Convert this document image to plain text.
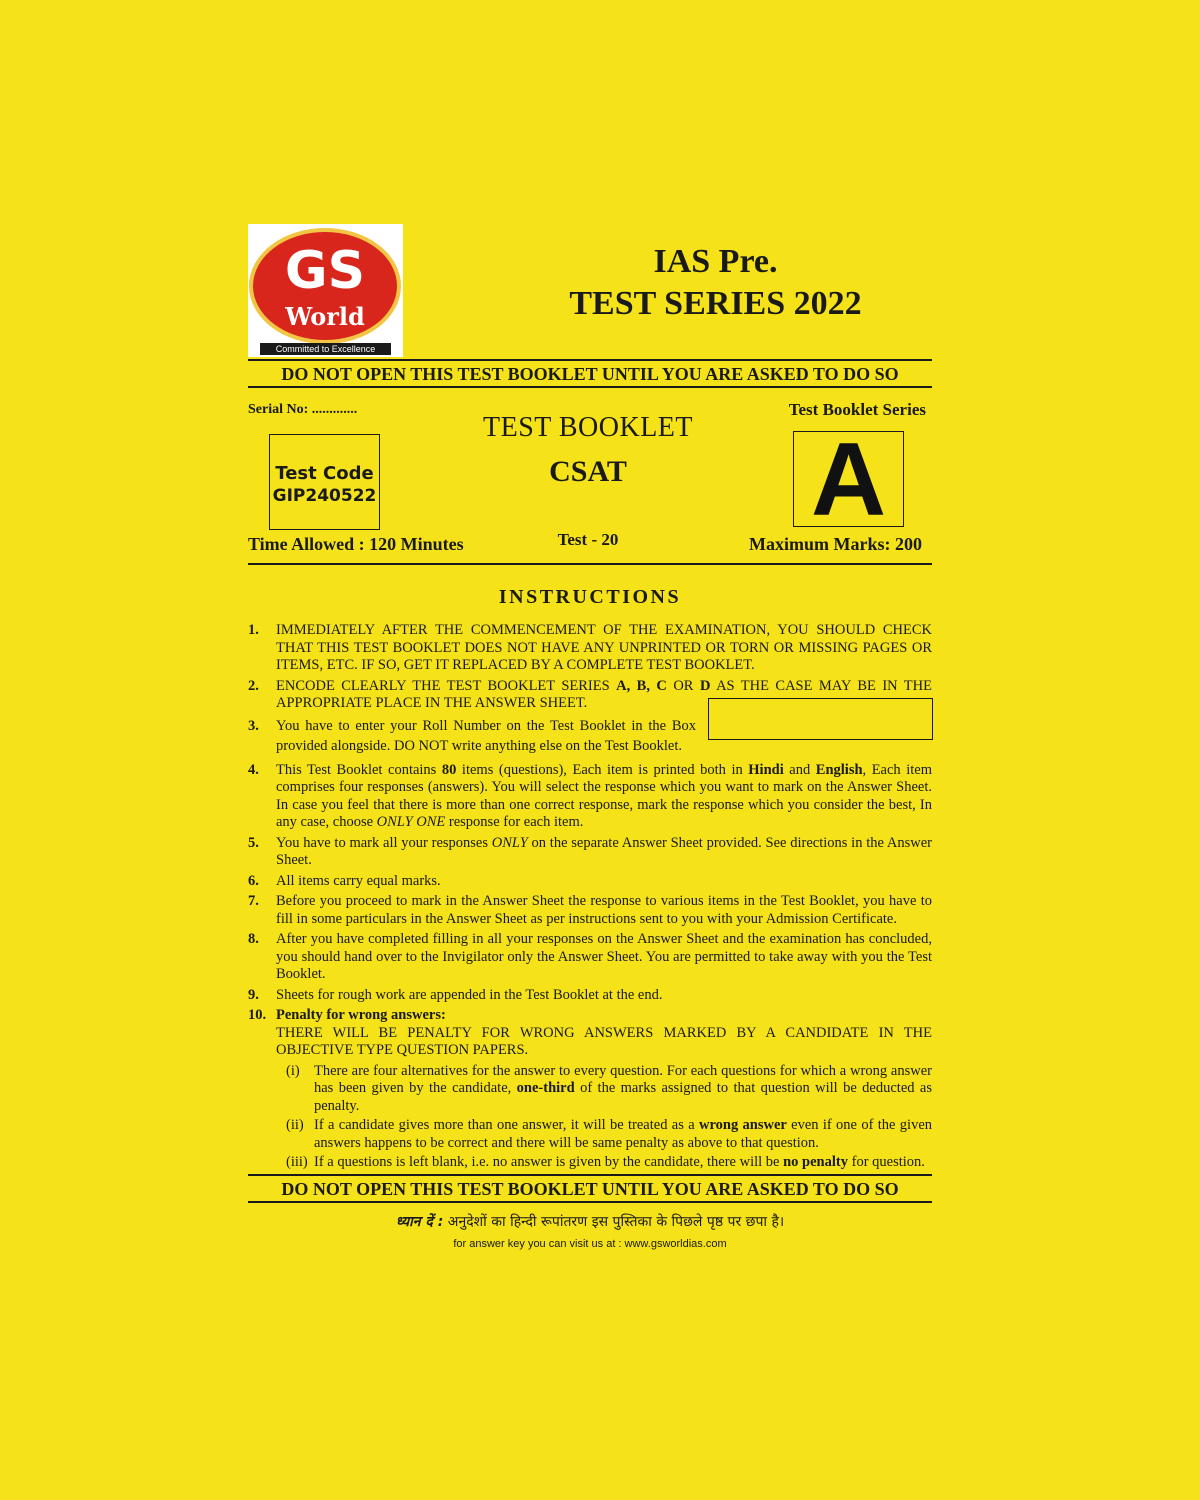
GS
World
Committed to Excellence
IAS Pre.
TEST SERIES 2022
DO NOT OPEN THIS TEST BOOKLET UNTIL YOU ARE ASKED TO DO SO
Serial No: .............	Test Booklet Series
Test Code
GIP240522
TEST BOOKLET
CSAT
Test - 20
A
Time Allowed : 120 Minutes	Maximum Marks: 200
INSTRUCTIONS
1. IMMEDIATELY AFTER THE COMMENCEMENT OF THE EXAMINATION, YOU SHOULD CHECK THAT THIS TEST BOOKLET DOES NOT HAVE ANY UNPRINTED OR TORN OR MISSING PAGES OR ITEMS, ETC. IF SO, GET IT REPLACED BY A COMPLETE TEST BOOKLET.
2. ENCODE CLEARLY THE TEST BOOKLET SERIES A, B, C OR D AS THE CASE MAY BE IN THE APPROPRIATE PLACE IN THE ANSWER SHEET.
3. You have to enter your Roll Number on the Test Booklet in the Box provided alongside. DO NOT write anything else on the Test Booklet.
4. This Test Booklet contains 80 items (questions), Each item is printed both in Hindi and English, Each item comprises four responses (answers). You will select the response which you want to mark on the Answer Sheet. In case you feel that there is more than one correct response, mark the response which you consider the best, In any case, choose ONLY ONE response for each item.
5. You have to mark all your responses ONLY on the separate Answer Sheet provided. See directions in the Answer Sheet.
6. All items carry equal marks.
7. Before you proceed to mark in the Answer Sheet the response to various items in the Test Booklet, you have to fill in some particulars in the Answer Sheet as per instructions sent to you with your Admission Certificate.
8. After you have completed filling in all your responses on the Answer Sheet and the examination has concluded, you should hand over to the Invigilator only the Answer Sheet. You are permitted to take away with you the Test Booklet.
9. Sheets for rough work are appended in the Test Booklet at the end.
10. Penalty for wrong answers:
THERE WILL BE PENALTY FOR WRONG ANSWERS MARKED BY A CANDIDATE IN THE OBJECTIVE TYPE QUESTION PAPERS.
(i) There are four alternatives for the answer to every question. For each questions for which a wrong answer has been given by the candidate, one-third of the marks assigned to that question will be deducted as penalty.
(ii) If a candidate gives more than one answer, it will be treated as a wrong answer even if one of the given answers happens to be correct and there will be same penalty as above to that question.
(iii) If a questions is left blank, i.e. no answer is given by the candidate, there will be no penalty for question.
DO NOT OPEN THIS TEST BOOKLET UNTIL YOU ARE ASKED TO DO SO
ध्यान दें : अनुदेशों का हिन्दी रूपांतरण इस पुस्तिका के पिछले पृष्ठ पर छपा है।
for answer key you can visit us at : www.gsworldias.com
